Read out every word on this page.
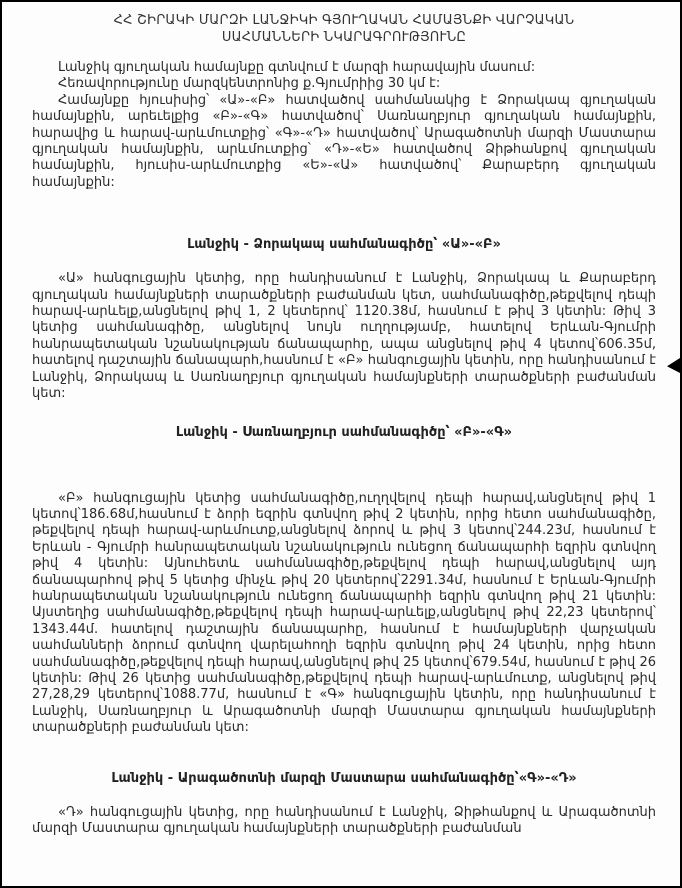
ՀՀ ՇԻՐԱԿԻ ՄԱՐԶԻ ԼԱՆՋԻԿԻ ԳՅՈՒՂԱԿԱՆ ՀԱՄԱՅՆՔԻ ՎԱՐՉԱԿԱՆ
ՍԱՀՄԱՆՆԵՐԻ ՆԿԱՐԱԳՐՈՒԹՅՈՒՆԸ

Լանջիկ գյուղական համայնքը գտնվում է մարզի հարավային մասում:

Հեռավորությունը մարզկենտրոնից ք.Գյումրիից 30 կմ է:

Համայնքը հյուսիսից՝ «Ա»-«Բ» հատվածով սահմանակից է Ձորակապ գյուղական համայնքին, արեւելքից «Բ»-«Գ» հատվածով՝ Սառնաղբյուր գյուղական համայնքին, հարավից և հարավ-արևմուտքից՝ «Գ»-«Դ» հատվածով՝ Արագածոտնի մարզի Մաստարա գյուղական համայնքին, արևմուտքից՝ «Դ»-«Ե» հատվածով Ձիթհանքով գյուղական համայնքին, հյուսիս-արևմուտքից «Ե»-«Ա» հատվածով՝ Քարաբերդ գյուղական համայնքին:

Լանջիկ - Ձորակապ սահմանագիծը՝ «Ա»-«Բ»

«Ա» հանգուցային կետից, որը հանդիսանում է Լանջիկ, Ձորակապ և Քարաբերդ գյուղական համայնքների տարածքների բաժանման կետ, սահմանագիծը,թեքվելով դեպի հարավ-արևելք,անցնելով թիվ 1, 2 կետերով՝ 1120.38մ, հասնում է թիվ 3 կետին: Թիվ 3 կետից սահմանագիծը, անցնելով նույն ուղղությամբ, հատելով Երևան-Գյումրի հանրապետական նշանակության ճանապարհը, ապա անցնելով թիվ 4 կետով՝606.35մ, հատելով դաշտային ճանապարհ,հասնում է «Բ» հանգուցային կետին, որը հանդիսանում է Լանջիկ, Ձորակապ և Սառնաղբյուր գյուղական համայնքների տարածքների բաժանման կետ:

Լանջիկ - Սառնաղբյուր սահմանագիծը՝ «Բ»-«Գ»

«Բ» հանգուցային կետից սահմանագիծը,ուղղվելով դեպի հարավ,անցնելով թիվ 1 կետով՝186.68մ,հասնում է ձորի եզրին գտնվող թիվ 2 կետին, որից հետո սահմանագիծը, թեքվելով դեպի հարավ-արևմուտք,անցնելով ձորով և թիվ 3 կետով՝244.23մ, հասնում է Երևան - Գյումրի հանրապետական նշանակություն ունեցող ճանապարհի եզրին գտնվող թիվ 4 կետին: Այնուհետև սահմանագիծը,թեքվելով դեպի հարավ,անցնելով այդ ճանապարհով թիվ 5 կետից մինչև թիվ 20 կետերով՝2291.34մ, հասնում է Երևան-Գյումրի հանրապետական նշանակություն ունեցող ճանապարհի եզրին գտնվող թիվ 21 կետին: Այստեղից սահմանագիծը,թեքվելով դեպի հարավ-արևելք,անցնելով թիվ 22,23 կետերով՝ 1343.44մ. հատելով դաշտային ճանապարհը, հասնում է համայնքների վարչական սահմանների ձորում գտնվող վարելահողի եզրին գտնվող թիվ 24 կետին, որից հետո սահմանագիծը,թեքվելով դեպի հարավ,անցնելով թիվ 25 կետով՝679.54մ, հասնում է թիվ 26 կետին: Թիվ 26 կետից սահմանագիծը,թեքվելով դեպի հարավ-արևմուտք, անցնելով թիվ 27,28,29 կետերով՝1088.77մ, հասնում է «Գ» հանգուցային կետին, որը հանդիսանում է Լանջիկ, Սառնաղբյուր և Արագածոտնի մարզի Մաստարա գյուղական համայնքների տարածքների բաժանման կետ:

Լանջիկ - Արագածոտնի մարզի Մաստարա սահմանագիծը՝«Գ»-«Դ»

«Դ» հանգուցային կետից, որը հանդիսանում է Լանջիկ, Ձիթհանքով և Արագածոտնի մարզի Մաստարա գյուղական համայնքների տարածքների բաժանման
